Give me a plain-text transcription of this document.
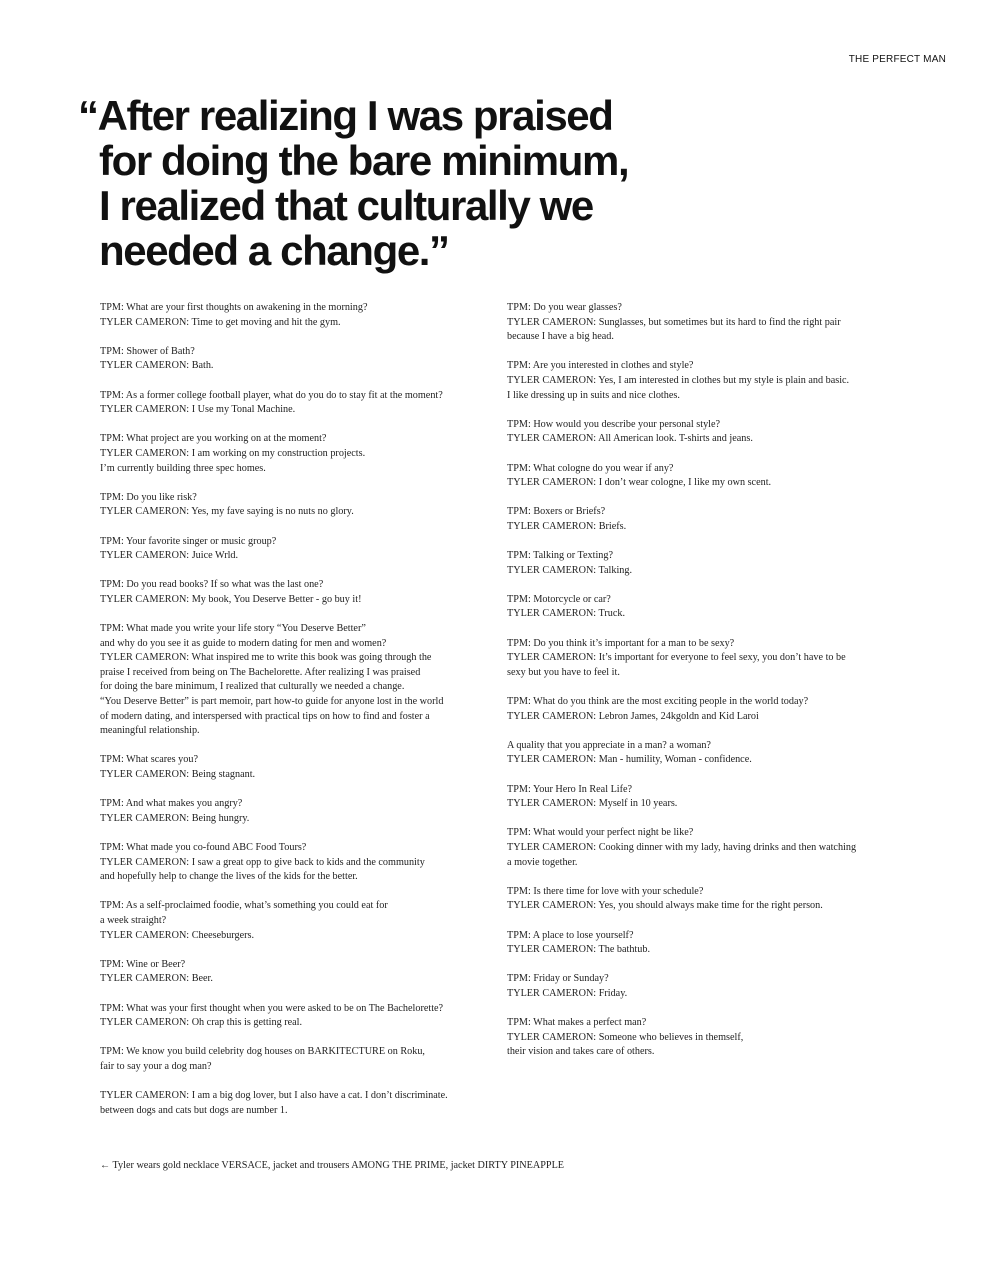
THE PERFECT MAN
“After realizing I was praised
for doing the bare minimum,
I realized that culturally we
needed a change.”

TPM: What are your first thoughts on awakening in the morning?
TYLER CAMERON: Time to get moving and hit the gym.

TPM: Shower of Bath?
TYLER CAMERON: Bath.

TPM: As a former college football player, what do you do to stay fit at the moment?
TYLER CAMERON: I Use my Tonal Machine.

TPM: What project are you working on at the moment?
TYLER CAMERON: I am working on my construction projects.
I’m currently building three spec homes.

TPM: Do you like risk?
TYLER CAMERON: Yes, my fave saying is no nuts no glory.

TPM: Your favorite singer or music group?
TYLER CAMERON: Juice Wrld.

TPM: Do you read books? If so what was the last one?
TYLER CAMERON: My book, You Deserve Better - go buy it!

TPM: What made you write your life story “You Deserve Better”
and why do you see it as guide to modern dating for men and women?
TYLER CAMERON: What inspired me to write this book was going through the
praise I received from being on The Bachelorette. After realizing I was praised
for doing the bare minimum, I realized that culturally we needed a change.
“You Deserve Better” is part memoir, part how-to guide for anyone lost in the world
of modern dating, and interspersed with practical tips on how to find and foster a
meaningful relationship.

TPM: What scares you?
TYLER CAMERON: Being stagnant.

TPM: And what makes you angry?
TYLER CAMERON: Being hungry.

TPM: What made you co-found ABC Food Tours?
TYLER CAMERON: I saw a great opp to give back to kids and the community
and hopefully help to change the lives of the kids for the better.

TPM: As a self-proclaimed foodie, what’s something you could eat for
a week straight?
TYLER CAMERON: Cheeseburgers.

TPM: Wine or Beer?
TYLER CAMERON: Beer.

TPM: What was your first thought when you were asked to be on The Bachelorette?
TYLER CAMERON: Oh crap this is getting real.

TPM: We know you build celebrity dog houses on BARKITECTURE on Roku,
fair to say your a dog man?

TYLER CAMERON: I am a big dog lover, but I also have a cat. I don’t discriminate.
between dogs and cats but dogs are number 1.

TPM: Do you wear glasses?
TYLER CAMERON: Sunglasses, but sometimes but its hard to find the right pair
because I have a big head.

TPM: Are you interested in clothes and style?
TYLER CAMERON: Yes, I am interested in clothes but my style is plain and basic.
I like dressing up in suits and nice clothes.

TPM: How would you describe your personal style?
TYLER CAMERON: All American look. T-shirts and jeans.

TPM: What cologne do you wear if any?
TYLER CAMERON: I don’t wear cologne, I like my own scent.

TPM: Boxers or Briefs?
TYLER CAMERON: Briefs.

TPM: Talking or Texting?
TYLER CAMERON: Talking.

TPM: Motorcycle or car?
TYLER CAMERON: Truck.

TPM: Do you think it’s important for a man to be sexy?
TYLER CAMERON: It’s important for everyone to feel sexy, you don’t have to be
sexy but you have to feel it.

TPM: What do you think are the most exciting people in the world today?
TYLER CAMERON: Lebron James, 24kgoldn and Kid Laroi

A quality that you appreciate in a man? a woman?
TYLER CAMERON: Man - humility, Woman - confidence.

TPM: Your Hero In Real Life?
TYLER CAMERON: Myself in 10 years.

TPM: What would your perfect night be like?
TYLER CAMERON: Cooking dinner with my lady, having drinks and then watching
a movie together.

TPM: Is there time for love with your schedule?
TYLER CAMERON: Yes, you should always make time for the right person.

TPM: A place to lose yourself?
TYLER CAMERON: The bathtub.

TPM: Friday or Sunday?
TYLER CAMERON: Friday.

TPM: What makes a perfect man?
TYLER CAMERON: Someone who believes in themself,
their vision and takes care of others.

← Tyler wears gold necklace VERSACE, jacket and trousers AMONG THE PRIME, jacket DIRTY PINEAPPLE
